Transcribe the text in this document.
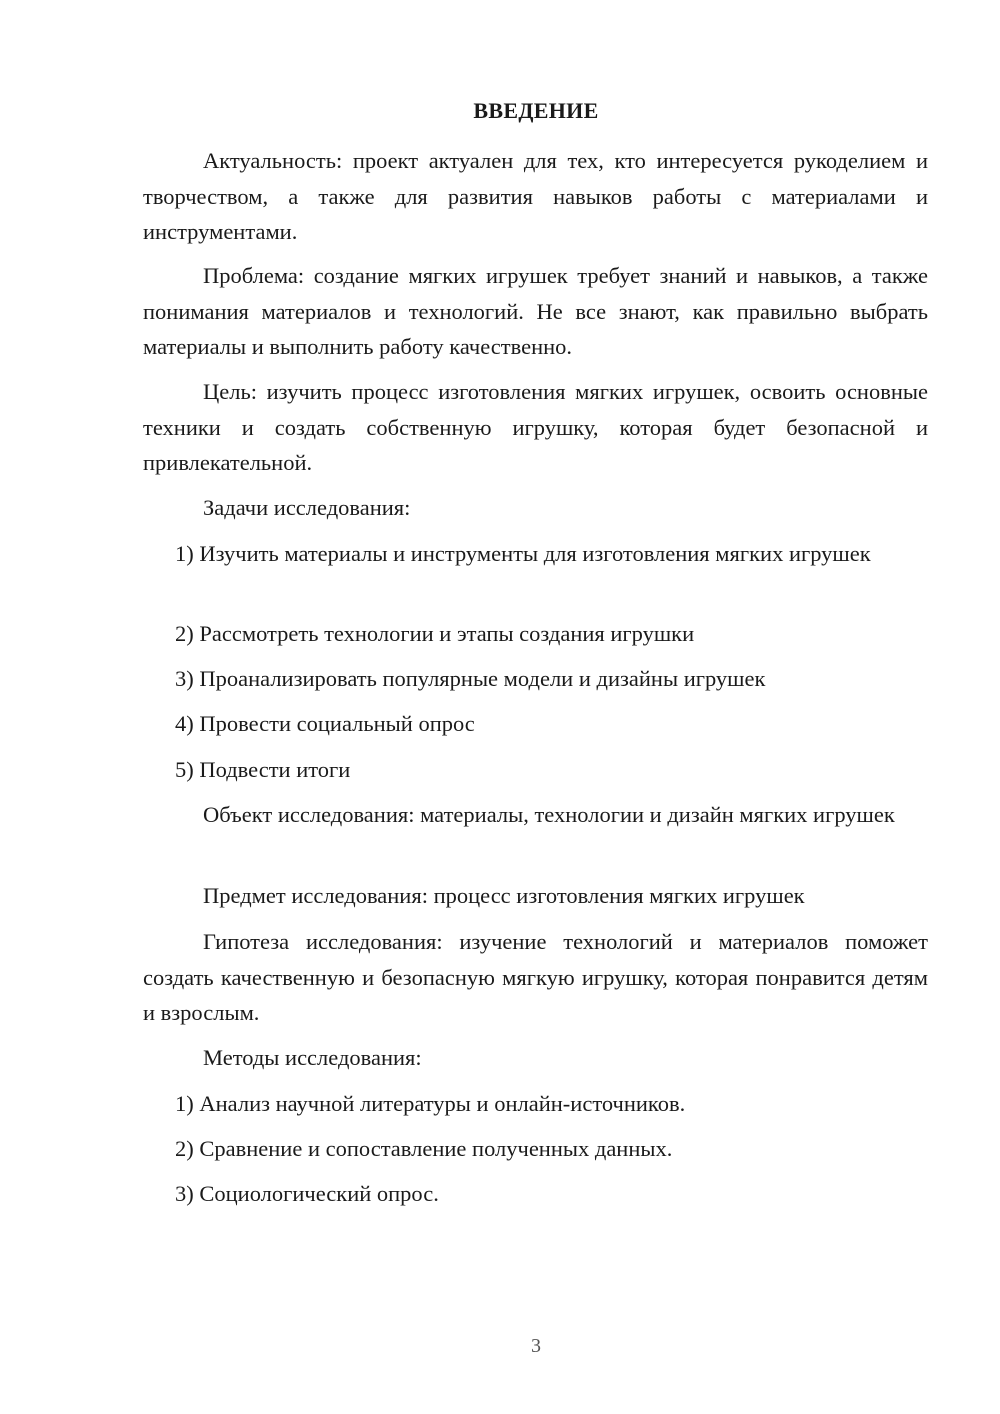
ВВЕДЕНИЕ

Актуальность: проект актуален для тех, кто интересуется рукоделием и творчеством, а также для развития навыков работы с материалами и инструментами.

Проблема: создание мягких игрушек требует знаний и навыков, а также понимания материалов и технологий. Не все знают, как правильно выбрать материалы и выполнить работу качественно.

Цель: изучить процесс изготовления мягких игрушек, освоить основные техники и создать собственную игрушку, которая будет безопасной и привлекательной.

Задачи исследования:

1) Изучить материалы и инструменты для изготовления мягких игрушек

2) Рассмотреть технологии и этапы создания игрушки
3) Проанализировать популярные модели и дизайны игрушек
4) Провести социальный опрос
5) Подвести итоги

Объект исследования: материалы, технологии и дизайн мягких игрушек

Предмет исследования: процесс изготовления мягких игрушек

Гипотеза исследования: изучение технологий и материалов поможет создать качественную и безопасную мягкую игрушку, которая понравится детям и взрослым.

Методы исследования:
1) Анализ научной литературы и онлайн-источников.
2) Сравнение и сопоставление полученных данных.
3) Социологический опрос.
3
